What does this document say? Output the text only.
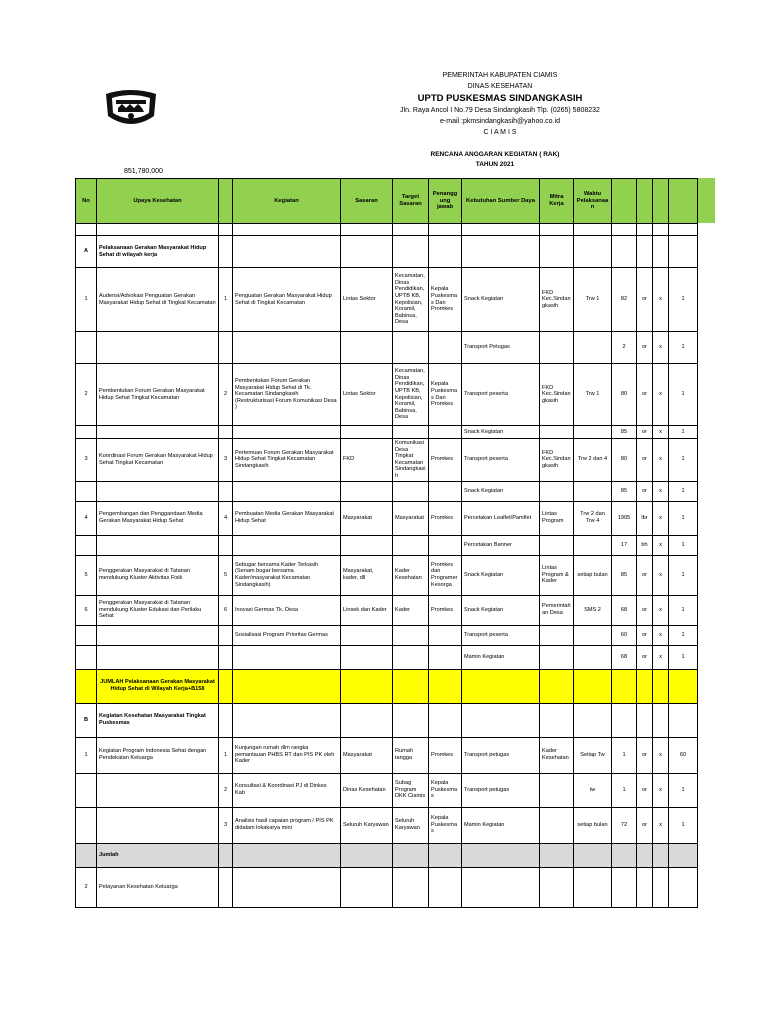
PEMERINTAH KABUPATEN CIAMIS
DINAS KESEHATAN
UPTD PUSKESMAS SINDANGKASIH
Jln. Raya Ancol I No.79 Desa Sindangkasih Tlp. (0265) 5808232
e-mail :pkmsindangkasih@yahoo.co.id
C I A M I S
RENCANA ANGGARAN KEGIATAN ( RAK)
TAHUN 2021
851,780,000
No	Upaya Kesehatan		Kegiatan	Sasaran	Target Sasaran	Penanggung jawab	Kebutuhan Sumber Daya	Mitra Kerja	Waktu Pelaksanaan				

A	Pelaksanaan Gerakan Masyarakat Hidup Sehat di wilayah kerja												
1	Audensi/Advokasi Penguatan Gerakan Masyarakat Hidup Sehat di Tingkat Kecamatan	1	Penguatan Gerakan Masyarakat Hidup Sehat di Tingkat Kecamatan	Lintas Sektor	Kecamatan, Dinas Pendidikan, UPTB KB, Kepolisian, Koramil, Babinsa, Desa	Kepala Puskesmas Dan Promkes	Snack Kegiatan	FKD Kec.Sindangkasih	Trw 1	82	or	x	1
							Transport Petugas			2	or	x	1
2	Pembentukan Forum Gerakan Masyarakat Hidup Sehat Tingkat Kecamatan	2	Pembentukan Forum Gerakan Masyarakat Hidup Sehat di Tk. Kecamatan Sindangkasih (Restrukturisasi Forum Komunikasi Desa )	Lintas Sektor	Kecamatan, Dinas Pendidikan, UPTB KB, Kepolisian, Koramil, Babinsa, Desa	Kepala Puskesmas Dan Promkes	Transport peserta	FKD Kec.Sindangkasih	Trw 1	80	or	x	1
							Snack Kegiatan			85	or	x	1
3	Koordinasi Forum Gerakan Masyarakat Hidup Sehat Tingkat Kecamatan	3	Pertemuan Forum Gerakan Masyarakat Hidup Sehat Tingkat Kecamatan Sindangkasih	FKD	Komunikasi Desa Tingkat Kecamatan Sindangkasih	Promkes	Transport peserta	FKD Kec.Sindangkasih	Trw 2 dan 4	80	or	x	1
							Snack Kegiatan			85	or	x	1
4	Pengembangan dan Penggandaan Media Gerakan Masyarakat Hidup Sehat	4	Pembuatan Media Gerakan Masyarakat Hidup Sehat	Masyarakat	Masyarakat	Promkes	Percetakan Leaflet/Pamflet	Lintas Program	Trw 2 dan Trw 4	1905	lbr	x	1
							Percetakan Banner			17	bh	x	1
5	Penggerakan Masyarakat di Tatanan mendukung Kluster Aktivitas Fisik	5	Sebugar bersama Kader Terkasih (Senam bugar bersama Kader/masyarakat Kecamatan Sindangkasih)	Masyarakat, kader, dll	Kader Kesehatan	Promkes dan Programer Kesorga	Snack Kegiatan	Lintas Program & Kader	setiap bulan	85	or	x	1
6	Penggerakan Masyarakat di Tatanan mendukung Kluster Edukasi dan Perilaku Sehat	6	Inovasi Germas Tk. Desa	Linsek dan Kader	Kader	Promkes	Snack Kegiatan	Pemerintahan Desa	SMS 2	68	or	x	1
			Sosialisasi Program Prioritas Germas				Transport peserta			60	or	x	1
							Mamin Kegiatan			68	or	x	1
	JUMLAH Pelaksanaan Gerakan Masyarakat Hidup Sehat di Wilayah Kerja+B158												
B	Kegiatan Kesehatan Masyarakat Tingkat Puskesmas												
1	Kegiatan Program Indonesia Sehat dengan Pendekatan Keluarga	1	Kunjungan rumah dlm rangka pemantauan PHBS RT dan PIS PK oleh Kader	Masyarakat	Rumah tangga	Promkes	Transport petugas	Kader Kesehatan	Setiap Tw	1	or	x	60
		2	Konsultasi & Koordinasi PJ di Dinkes Kab	Dinas Kesehatan	Subag Program DKK Ciamis	Kepala Puskesmas	Transport petugas		tw	1	or	x	1
		3	Analisis hasil capaian program / PIS PK didalam lokakarya mini	Seluruh Karyawan	Seluruh Karyawan	Kepala Puskesmas	Mamin Kegiatan		setiap bulan	72	or	x	1
	Jumlah												
2	Pelayanan Kesehatan Keluarga												
